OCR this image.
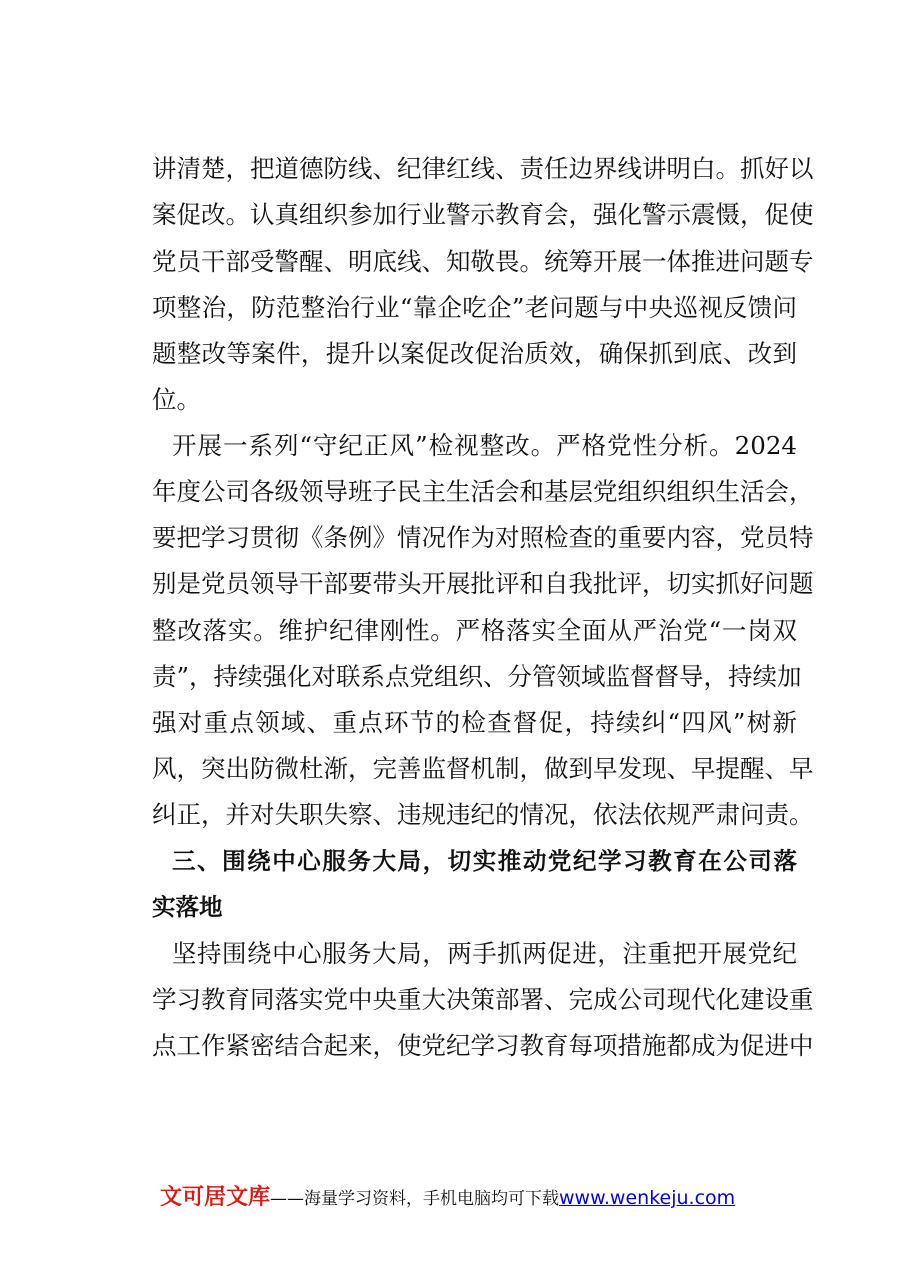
讲清楚，把道德防线、纪律红线、责任边界线讲明白。抓好以
案促改。认真组织参加行业警示教育会，强化警示震慑，促使
党员干部受警醒、明底线、知敬畏。统筹开展一体推进问题专
项整治，防范整治行业“靠企吃企”老问题与中央巡视反馈问
题整改等案件，提升以案促改促治质效，确保抓到底、改到
位。
开展一系列“守纪正风”检视整改。严格党性分析。2024
年度公司各级领导班子民主生活会和基层党组织组织生活会，
要把学习贯彻《条例》情况作为对照检查的重要内容，党员特
别是党员领导干部要带头开展批评和自我批评，切实抓好问题
整改落实。维护纪律刚性。严格落实全面从严治党“一岗双
责”，持续强化对联系点党组织、分管领域监督督导，持续加
强对重点领域、重点环节的检查督促，持续纠“四风”树新
风，突出防微杜渐，完善监督机制，做到早发现、早提醒、早
纠正，并对失职失察、违规违纪的情况，依法依规严肃问责。
三、围绕中心服务大局，切实推动党纪学习教育在公司落
实落地
坚持围绕中心服务大局，两手抓两促进，注重把开展党纪
学习教育同落实党中央重大决策部署、完成公司现代化建设重
点工作紧密结合起来，使党纪学习教育每项措施都成为促进中
文可居文库——海量学习资料，手机电脑均可下载www.wenkeju.com
